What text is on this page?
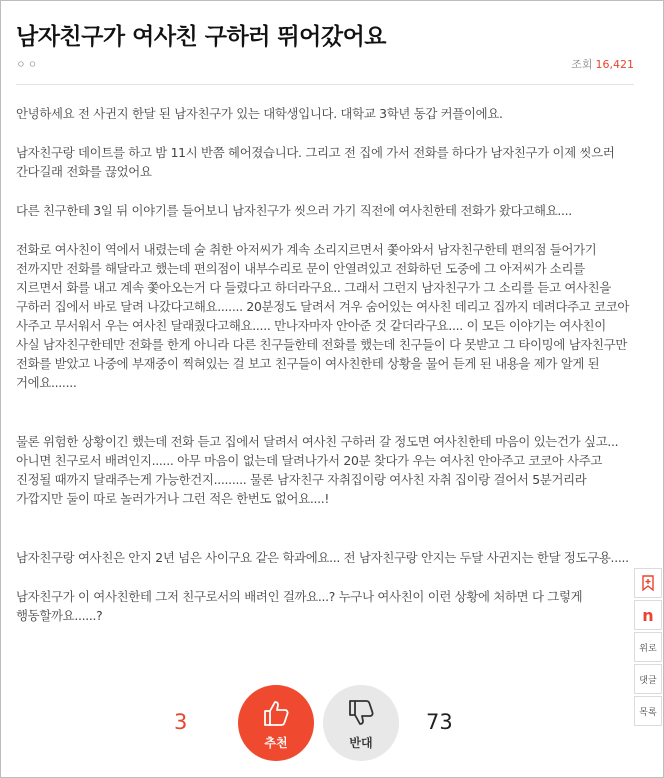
남자친구가 여사친 구하러 뛰어갔어요
ㅇㅇ	조회 16,421

안녕하세요 전 사귄지 한달 된 남자친구가 있는 대학생입니다. 대학교 3학년 동갑 커플이에요.

남자친구랑 데이트를 하고 밤 11시 반쯤 헤어졌습니다. 그리고 전 집에 가서 전화를 하다가 남자친구가 이제 씻으러 간다길래 전화를 끊었어요

다른 친구한테 3일 뒤 이야기를 들어보니 남자친구가 씻으러 가기 직전에 여사친한테 전화가 왔다고해요....

전화로 여사친이 역에서 내렸는데 술 취한 아저씨가 계속 소리지르면서 쫓아와서 남자친구한테 편의점 들어가기 전까지만 전화를 해달라고 했는데 편의점이 내부수리로 문이 안열려있고 전화하던 도중에 그 아저씨가 소리를 지르면서 화를 내고 계속 쫓아오는거 다 들렸다고 하더라구요.. 그래서 그런지 남자친구가 그 소리를 듣고 여사친을 구하러 집에서 바로 달려 나갔다고해요....... 20분정도 달려서 겨우 숨어있는 여사친 데리고 집까지 데려다주고 코코아 사주고 무서워서 우는 여사친 달래줬다고해요..... 만나자마자 안아준 것 같더라구요.... 이 모든 이야기는 여사친이 사실 남자친구한테만 전화를 한게 아니라 다른 친구들한테 전화를 했는데 친구들이 다 못받고 그 타이밍에 남자친구만 전화를 받았고 나중에 부재중이 찍혀있는 걸 보고 친구들이 여사친한테 상황을 물어 듣게 된 내용을 제가 알게 된 거에요.......

물론 위험한 상황이긴 했는데 전화 듣고 집에서 달려서 여사친 구하러 갈 정도면 여사친한테 마음이 있는건가 싶고... 아니면 친구로서 배려인지...... 아무 마음이 없는데 달려나가서 20분 찾다가 우는 여사친 안아주고 코코아 사주고 진정될 때까지 달래주는게 가능한건지......... 물론 남자친구 자취집이랑 여사친 자취 집이랑 걸어서 5분거리라 가깝지만 둘이 따로 놀러가거나 그런 적은 한번도 없어요....!

남자친구랑 여사친은 안지 2년 넘은 사이구요 같은 학과에요... 전 남자친구랑 안지는 두달 사귄지는 한달 정도구용.....

남자친구가 이 여사친한테 그저 친구로서의 배려인 걸까요...? 누구나 여사친이 이런 상황에 처하면 다 그렇게
행동할까요......?

3
추천	반대
73
n
위로
댓글
목록
